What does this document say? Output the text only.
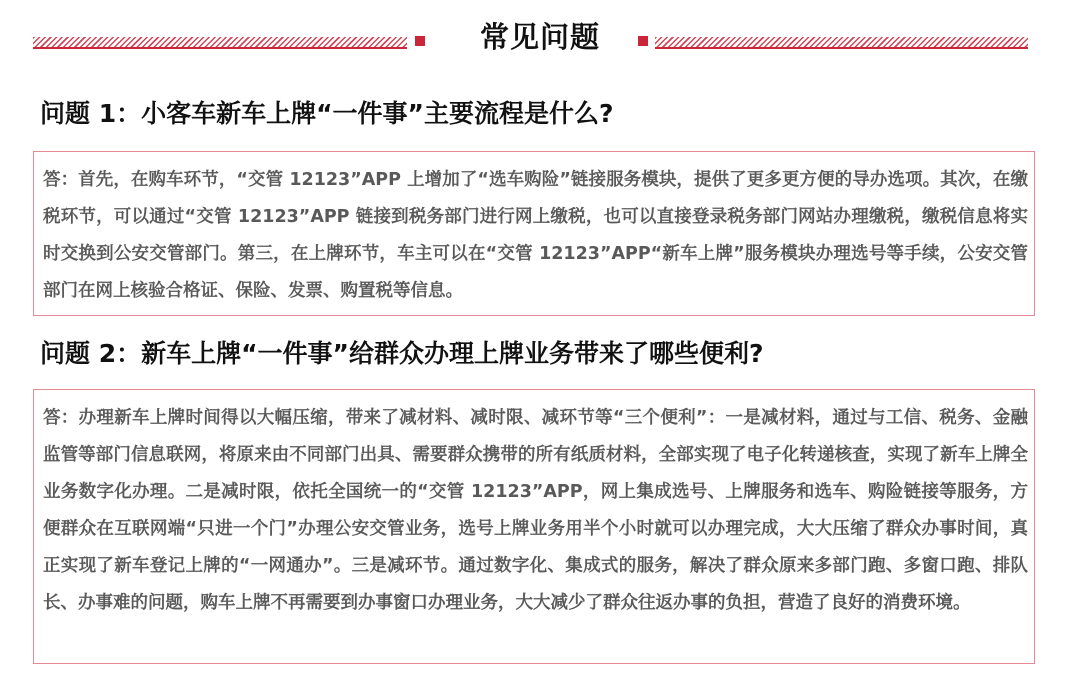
常见问题
问题 1：小客车新车上牌“一件事”主要流程是什么?
答：首先，在购车环节，“交管 12123”APP 上增加了“选车购险”链接服务模块，提供了更多更方便的导办选项。其次，在缴税环节，可以通过“交管 12123”APP 链接到税务部门进行网上缴税，也可以直接登录税务部门网站办理缴税，缴税信息将实时交换到公安交管部门。第三，在上牌环节，车主可以在“交管 12123”APP“新车上牌”服务模块办理选号等手续，公安交管部门在网上核验合格证、保险、发票、购置税等信息。
问题 2：新车上牌“一件事”给群众办理上牌业务带来了哪些便利?
答：办理新车上牌时间得以大幅压缩，带来了减材料、减时限、减环节等“三个便利”：一是减材料，通过与工信、税务、金融监管等部门信息联网，将原来由不同部门出具、需要群众携带的所有纸质材料，全部实现了电子化转递核查，实现了新车上牌全业务数字化办理。二是减时限，依托全国统一的“交管 12123”APP，网上集成选号、上牌服务和选车、购险链接等服务，方便群众在互联网端“只进一个门”办理公安交管业务，选号上牌业务用半个小时就可以办理完成，大大压缩了群众办事时间，真正实现了新车登记上牌的“一网通办”。三是减环节。通过数字化、集成式的服务，解决了群众原来多部门跑、多窗口跑、排队长、办事难的问题，购车上牌不再需要到办事窗口办理业务，大大减少了群众往返办事的负担，营造了良好的消费环境。
